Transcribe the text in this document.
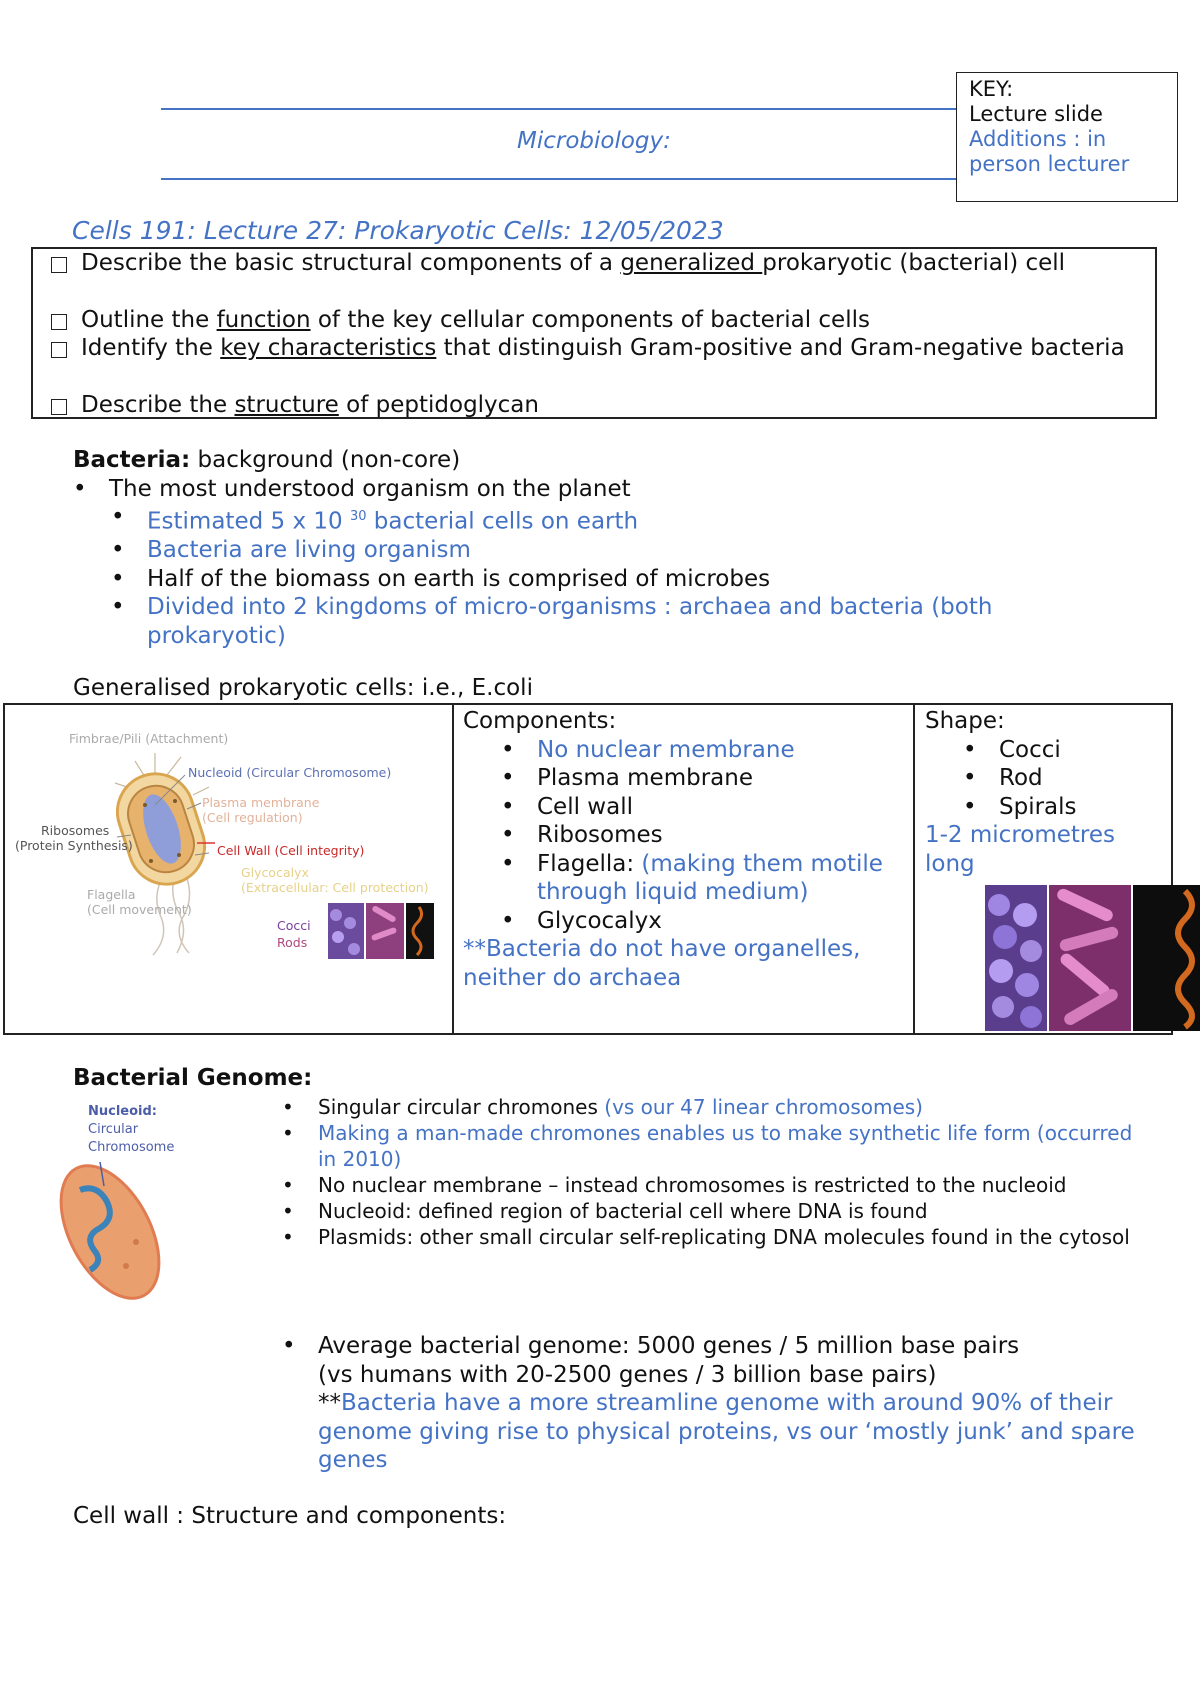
Microbiology:
KEY:
Lecture slide
Additions : in person lecturer
Cells 191: Lecture 27: Prokaryotic Cells: 12/05/2023
Describe the basic structural components of a generalized prokaryotic (bacterial) cell
Outline the function of the key cellular components of bacterial cells
Identify the key characteristics that distinguish Gram-positive and Gram-negative bacteria
Describe the structure of peptidoglycan
Bacteria: background (non-core)
• The most understood organism on the planet
• Estimated 5 x 10 $^{30}$ bacterial cells on earth
• Bacteria are living organism
• Half of the biomass on earth is comprised of microbes
• Divided into 2 kingdoms of micro-organisms : archaea and bacteria (both prokaryotic)
Generalised prokaryotic cells: i.e., E.coli
Fimbrae/Pili (Attachment)
Nucleoid (Circular Chromosome)
Plasma membrane
(Cell regulation)
Ribosomes
(Protein Synthesis)	Cell Wall (Cell integrity)
Glycocalyx
(Extracellular: Cell protection)
Flagella
(Cell movement)
Cocci
Rods

Components:
• No nuclear membrane
• Plasma membrane
• Cell wall
• Ribosomes
• Flagella: (making them motile through liquid medium)
• Glycocalyx
**Bacteria do not have organelles, neither do archaea

Shape:
• Cocci
• Rod
• Spirals
1-2 micrometres long
Bacterial Genome:
Nucleoid:
Circular
Chromosome
• Singular circular chromones (vs our 47 linear chromosomes)
• Making a man-made chromones enables us to make synthetic life form (occurred in 2010)
• No nuclear membrane – instead chromosomes is restricted to the nucleoid
• Nucleoid: defined region of bacterial cell where DNA is found
• Plasmids: other small circular self-replicating DNA molecules found in the cytosol
• Average bacterial genome: 5000 genes / 5 million base pairs
(vs humans with 20-2500 genes / 3 billion base pairs)
**Bacteria have a more streamline genome with around 90% of their genome giving rise to physical proteins, vs our ‘mostly junk’ and spare genes
Cell wall : Structure and components:
